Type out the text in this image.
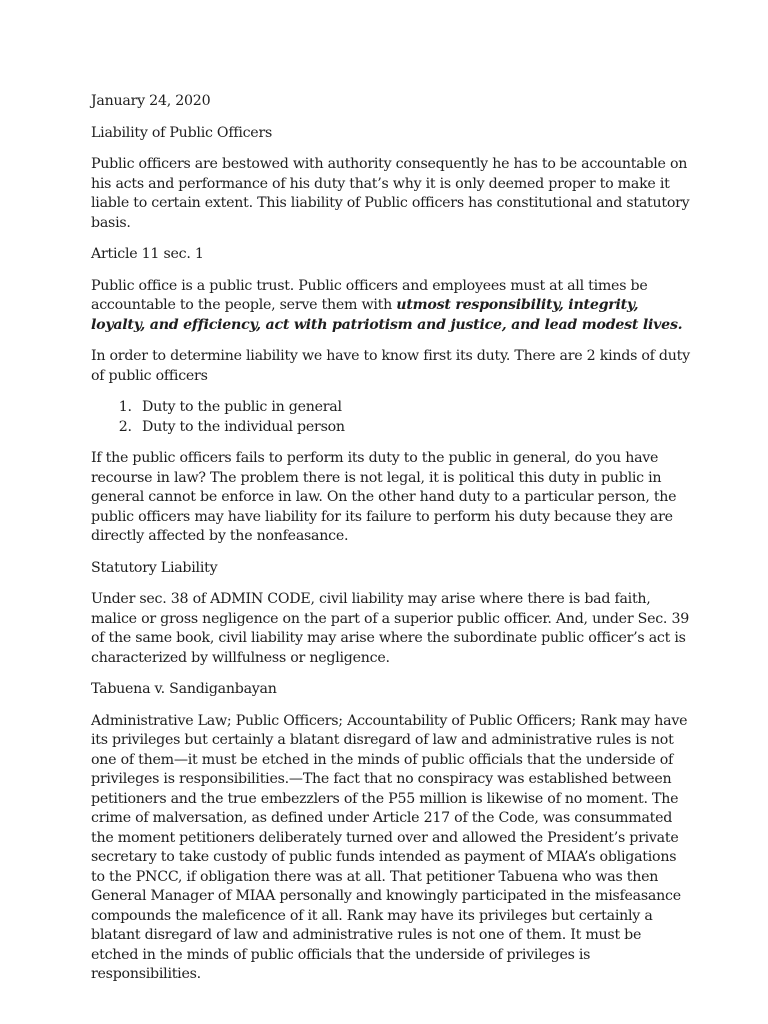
January 24, 2020

Liability of Public Officers

Public officers are bestowed with authority consequently he has to be accountable on his acts and performance of his duty that’s why it is only deemed proper to make it liable to certain extent. This liability of Public officers has constitutional and statutory basis.

Article 11 sec. 1

Public office is a public trust. Public officers and employees must at all times be accountable to the people, serve them with utmost responsibility, integrity, loyalty, and efficiency, act with patriotism and justice, and lead modest lives.

In order to determine liability we have to know first its duty. There are 2 kinds of duty of public officers

1. Duty to the public in general
2. Duty to the individual person

If the public officers fails to perform its duty to the public in general, do you have recourse in law? The problem there is not legal, it is political this duty in public in general cannot be enforce in law. On the other hand duty to a particular person, the public officers may have liability for its failure to perform his duty because they are directly affected by the nonfeasance.

Statutory Liability

Under sec. 38 of ADMIN CODE, civil liability may arise where there is bad faith, malice or gross negligence on the part of a superior public officer. And, under Sec. 39 of the same book, civil liability may arise where the subordinate public officer’s act is characterized by willfulness or negligence.

Tabuena v. Sandiganbayan

Administrative Law; Public Officers; Accountability of Public Officers; Rank may have its privileges but certainly a blatant disregard of law and administrative rules is not one of them—it must be etched in the minds of public officials that the underside of privileges is responsibilities.—The fact that no conspiracy was established between petitioners and the true embezzlers of the P55 million is likewise of no moment. The crime of malversation, as defined under Article 217 of the Code, was consummated the moment petitioners deliberately turned over and allowed the President’s private secretary to take custody of public funds intended as payment of MIAA’s obligations to the PNCC, if obligation there was at all. That petitioner Tabuena who was then General Manager of MIAA personally and knowingly participated in the misfeasance compounds the maleficence of it all. Rank may have its privileges but certainly a blatant disregard of law and administrative rules is not one of them. It must be etched in the minds of public officials that the underside of privileges is responsibilities.
